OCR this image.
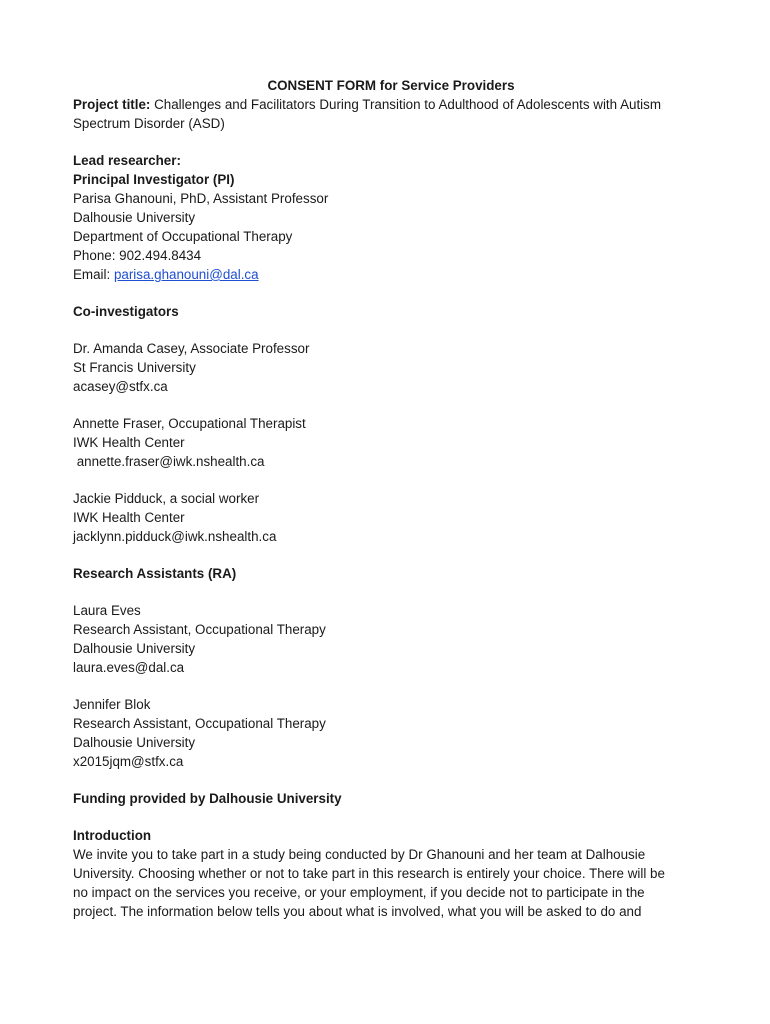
CONSENT FORM for Service Providers

Project title: Challenges and Facilitators During Transition to Adulthood of Adolescents with Autism Spectrum Disorder (ASD)

Lead researcher:

Principal Investigator (PI)

Parisa Ghanouni, PhD, Assistant Professor

Dalhousie University

Department of Occupational Therapy

Phone: 902.494.8434

Email: parisa.ghanouni@dal.ca

Co-investigators

Dr. Amanda Casey, Associate Professor

St Francis University

acasey@stfx.ca

Annette Fraser, Occupational Therapist

IWK Health Center

annette.fraser@iwk.nshealth.ca

Jackie Pidduck, a social worker

IWK Health Center

jacklynn.pidduck@iwk.nshealth.ca

Research Assistants (RA)

Laura Eves

Research Assistant, Occupational Therapy

Dalhousie University

laura.eves@dal.ca

Jennifer Blok

Research Assistant, Occupational Therapy

Dalhousie University

x2015jqm@stfx.ca

Funding provided by Dalhousie University

Introduction

We invite you to take part in a study being conducted by Dr Ghanouni and her team at Dalhousie

University. Choosing whether or not to take part in this research is entirely your choice. There will be

no impact on the services you receive, or your employment, if you decide not to participate in the

project. The information below tells you about what is involved, what you will be asked to do and
